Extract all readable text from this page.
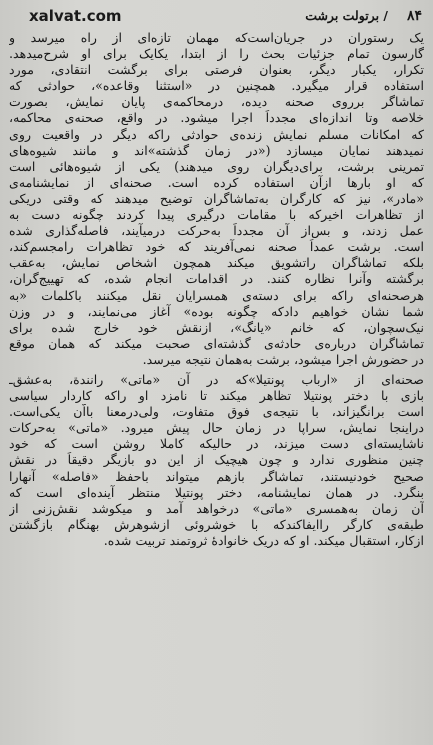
۸۴
/ برتولت برشت
xalvat.com
یک رستوران در جریان‌است‌که مهمان تازه‌ای از راه میرسد و
گارسون تمام جزئیات بحث را از ابتدا، یکایک برای او شرح‌میدهد.
تکرار، یکبار دیگر، بعنوان فرصتی برای برگشت انتقادی، مورد
استفاده قرار میگیرد. همچنین در «استثنا وقاعده»، حوادثی که
تماشاگر برروی صحنه دیده، درمحاکمه‌ی پایان نمایش، بصورت
خلاصه وتا اندازه‌ای مجدداً اجرا میشود. در واقع، صحنه‌ی محاکمه،
که امکانات مسلم نمایش زنده‌ی حوادثی راکه دیگر در واقعیت روی
نمیدهند نمایان میسازد («در زمان گذشته»اند و مانند شیوه‌های
تمرینی برشت، برای‌دیگران روی میدهند) یکی از شیوه‌هائی است
که او بارها ازآن استفاده کرده است. صحنه‌ای از نمایشنامه‌ی
«مادر»، نیز که کارگران به‌تماشاگران توضیح میدهند که وقتی دریکی
از تظاهرات اخیرکه با مقامات درگیری پیدا کردند چگونه دست به
عمل زدند، و بس‌از آن مجدداً به‌حرکت درمیآیند، فاصله‌گذاری شده
است. برشت عمداً صحنه نمی‌آفریند که خود تظاهرات رامجسم‌کند،
بلکه تماشاگران راتشویق میکند همچون اشخاص نمایش، به‌عقب
برگشته وآنرا نظاره کنند. در اقدامات انجام شده، که تهییج‌گران،
هرصحنه‌ای راکه برای دسته‌ی همسرایان نقل میکنند باکلمات «به
شما نشان خواهیم دادکه چگونه بوده» آغاز می‌نمایند، و در وزن
نیک‌سچوان، که خانم «یانگ»، ازنقش خود خارج شده برای
تماشاگران درباره‌ی حادثه‌ی گذشته‌ای صحبت میکند که همان موقع
در حضورش اجرا میشود، برشت به‌همان نتیجه میرسد.
صحنه‌ای از «ارباب پونتیلا»که در آن «ماتی» رانندة، به‌عشق‌ـ
بازی با دختر پونتیلا تظاهر میکند تا نامزد او راکه کاردار سیاسی
است برانگیزاند، با نتیجه‌ی فوق متفاوت، ولی‌درمعنا بااّن یکی‌است.
دراینجا نمایش، سراپا در زمان حال پیش میرود. «ماتی» به‌حرکات
ناشایسته‌ای دست میزند، در حالیکه کاملا روشن است که خود
چنین منظوری ندارد و چون هیچیک از این دو بازیگر دقیقاً در نقش
صحیح خودنیستند، تماشاگر بازهم میتواند باحفظ «فاصله» آنهارا
بنگرد. در همان نمایشنامه، دختر پونتیلا منتظر آینده‌ای است که
آن زمان به‌همسری «ماتی» درخواهد آمد و میکوشد نقش‌زنی از
طبقه‌ی کارگر راایفاکندکه با خوشروئی ازشوهرش بهنگام بازگشتن
ازکار، استقبال میکند. او که دریک خانوادهٔ ثروتمند تربیت شده.
